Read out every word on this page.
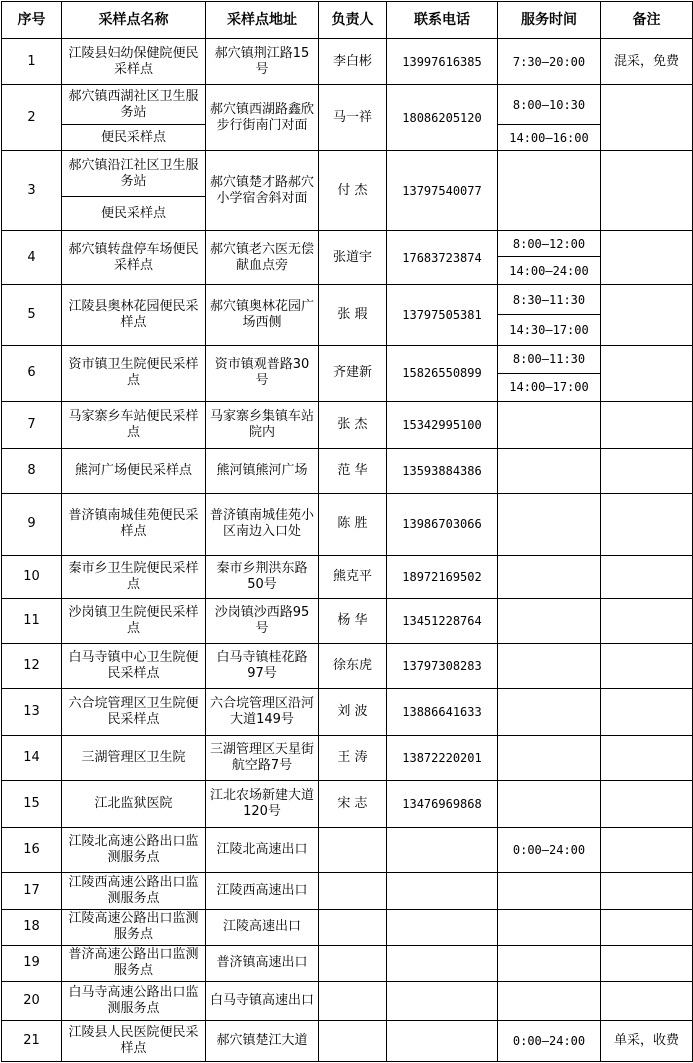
序号	采样点名称	采样点地址	负责人	联系电话	服务时间	备注
1	江陵县妇幼保健院便民采样点	郝穴镇荆江路15号	李白彬	13997616385	7:30—20:00	混采，免费
2	郝穴镇西湖社区卫生服务站	郝穴镇西湖路鑫欣步行街南门对面	马一祥	18086205120	8:00—10:30	
	便民采样点				14:00—16:00	
3	郝穴镇沿江社区卫生服务站	郝穴镇楚才路郝穴小学宿舍斜对面	付 杰	13797540077		
	便民采样点					
4	郝穴镇转盘停车场便民采样点	郝穴镇老六医无偿献血点旁	张道宇	17683723874	8:00—12:00	
					14:00—24:00	
5	江陵县奥林花园便民采样点	郝穴镇奥林花园广场西侧	张 瑕	13797505381	8:30—11:30	
					14:30—17:00	
6	资市镇卫生院便民采样点	资市镇观普路30号	齐建新	15826550899	8:00—11:30	
					14:00—17:00	
7	马家寨乡车站便民采样点	马家寨乡集镇车站院内	张 杰	15342995100		
8	熊河广场便民采样点	熊河镇熊河广场	范 华	13593884386		
9	普济镇南城佳苑便民采样点	普济镇南城佳苑小区南边入口处	陈 胜	13986703066		
10	秦市乡卫生院便民采样点	秦市乡荆洪东路50号	熊克平	18972169502		
11	沙岗镇卫生院便民采样点	沙岗镇沙西路95号	杨 华	13451228764		
12	白马寺镇中心卫生院便民采样点	白马寺镇桂花路97号	徐东虎	13797308283		
13	六合垸管理区卫生院便民采样点	六合垸管理区沿河大道149号	刘 波	13886641633		
14	三湖管理区卫生院	三湖管理区天星街航空路7号	王 涛	13872220201		
15	江北监狱医院	江北农场新建大道120号	宋 志	13476969868		
16	江陵北高速公路出口监测服务点	江陵北高速出口			0:00—24:00	
17	江陵西高速公路出口监测服务点	江陵西高速出口				
18	江陵高速公路出口监测服务点	江陵高速出口				
19	普济高速公路出口监测服务点	普济镇高速出口				
20	白马寺高速公路出口监测服务点	白马寺镇高速出口				
21	江陵县人民医院便民采样点	郝穴镇楚江大道			0:00—24:00	单采，收费
